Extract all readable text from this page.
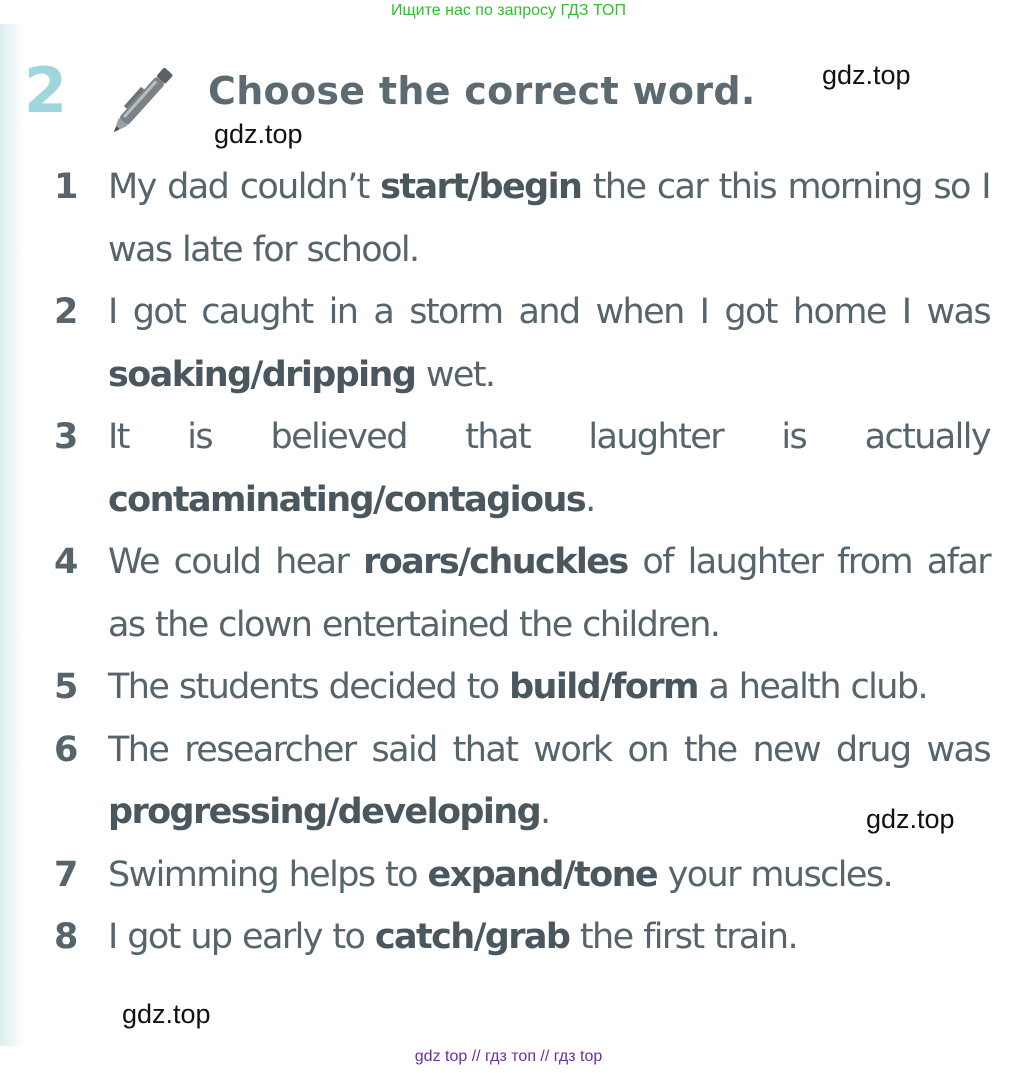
Ищите нас по запросу ГДЗ ТОП
2	Choose the correct word. gdz.top
gdz.top
gdz.top
gdz.top
1 My dad couldn’t start/begin the car this morning so I was late for school.
2 I got caught in a storm and when I got home I was soaking/dripping wet.
3 It is believed that laughter is actually contaminating/contagious.
4 We could hear roars/chuckles of laughter from afar as the clown entertained the children.
5 The students decided to build/form a health club.
6 The researcher said that work on the new drug was progressing/developing.
7 Swimming helps to expand/tone your muscles.
8 I got up early to catch/grab the first train.
gdz top // гдз топ // гдз top
